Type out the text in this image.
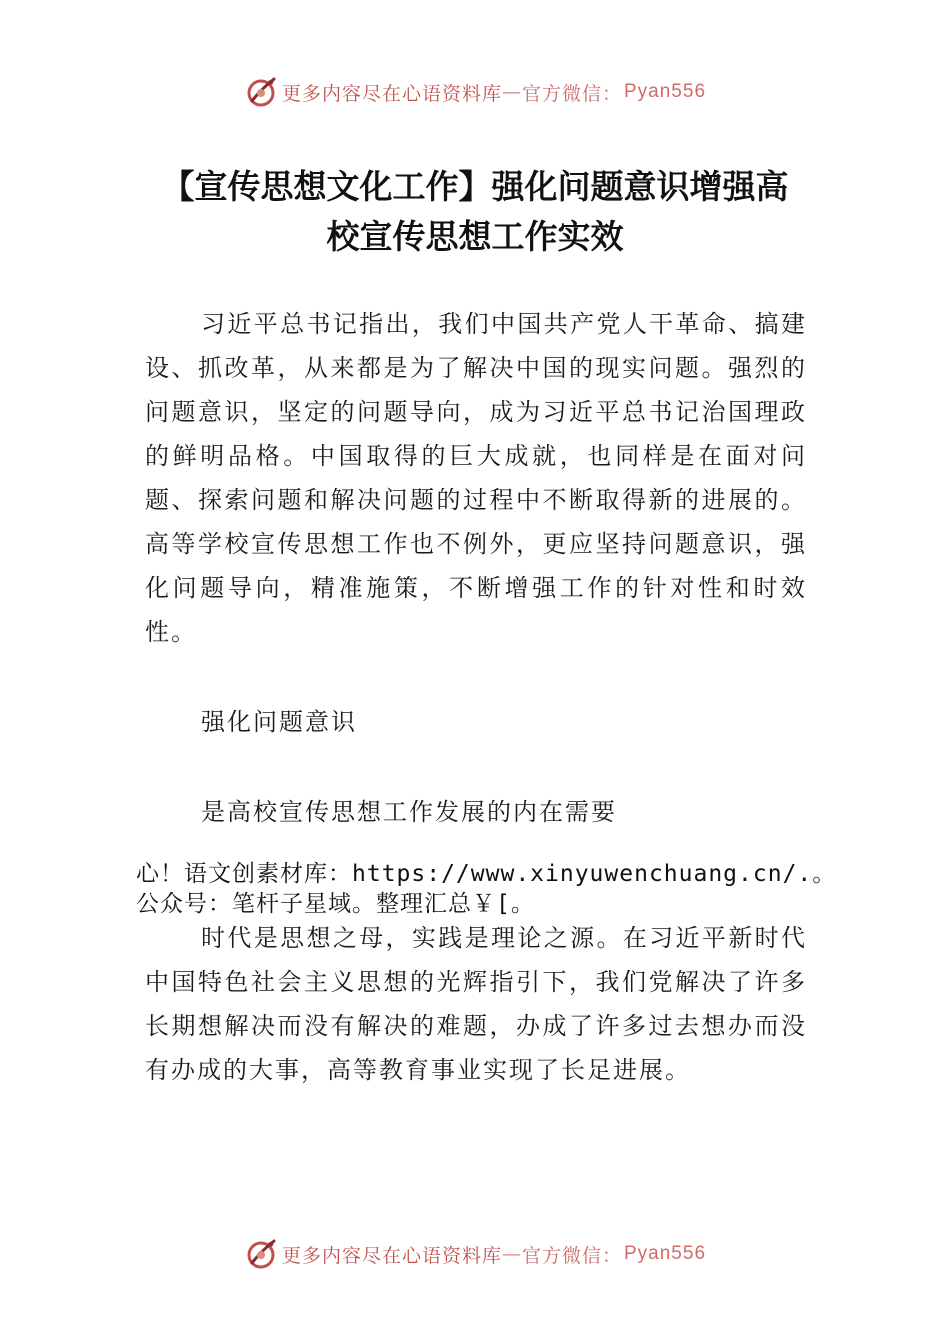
更多内容尽在心语资料库 — 官方微信： Pyan556
【宣传思想文化工作】强化问题意识增强高
校宣传思想工作实效
习近平总书记指出，我们中国共产党人干革命、搞建设、抓改革，从来都是为了解决中国的现实问题。强烈的问题意识，坚定的问题导向，成为习近平总书记治国理政的鲜明品格。中国取得的巨大成就，也同样是在面对问题、探索问题和解决问题的过程中不断取得新的进展的。高等学校宣传思想工作也不例外，更应坚持问题意识，强化问题导向，精准施策，不断增强工作的针对性和时效性。
强化问题意识
是高校宣传思想工作发展的内在需要
心！语文创素材库：https://www.xinyuwenchuang.cn/.。
公众号：笔杆子星域。整理汇总￥[。
时代是思想之母，实践是理论之源。在习近平新时代中国特色社会主义思想的光辉指引下，我们党解决了许多长期想解决而没有解决的难题，办成了许多过去想办而没有办成的大事，高等教育事业实现了长足进展。
更多内容尽在心语资料库 — 官方微信： Pyan556
